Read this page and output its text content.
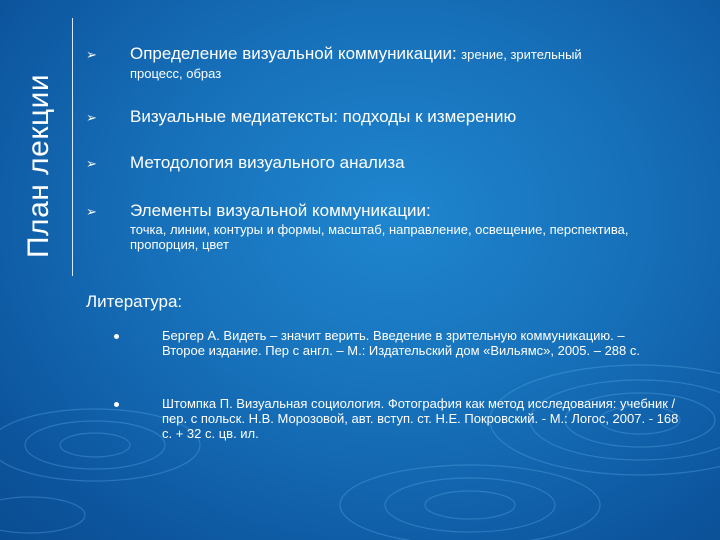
План лекции
➢	Определение визуальной коммуникации: зрение, зрительный
процесс, образ
➢	Визуальные медиатексты: подходы к измерению
➢	Методология визуального анализа
➢ Элементы визуальной коммуникации:
точка, линии, контуры и формы, масштаб, направление, освещение, перспектива, пропорция, цвет
Литература:
Бергер А. Видеть – значит верить. Введение в зрительную коммуникацию. – Второе издание. Пер с англ. – М.: Издательский дом «Вильямс», 2005. – 288 с.
Штомпка П. Визуальная социология. Фотография как метод исследования: учебник / пер. с польск. Н.В. Морозовой, авт. вступ. ст. Н.Е. Покровский. - М.: Логос, 2007. - 168 с. + 32 с. цв. ил.
